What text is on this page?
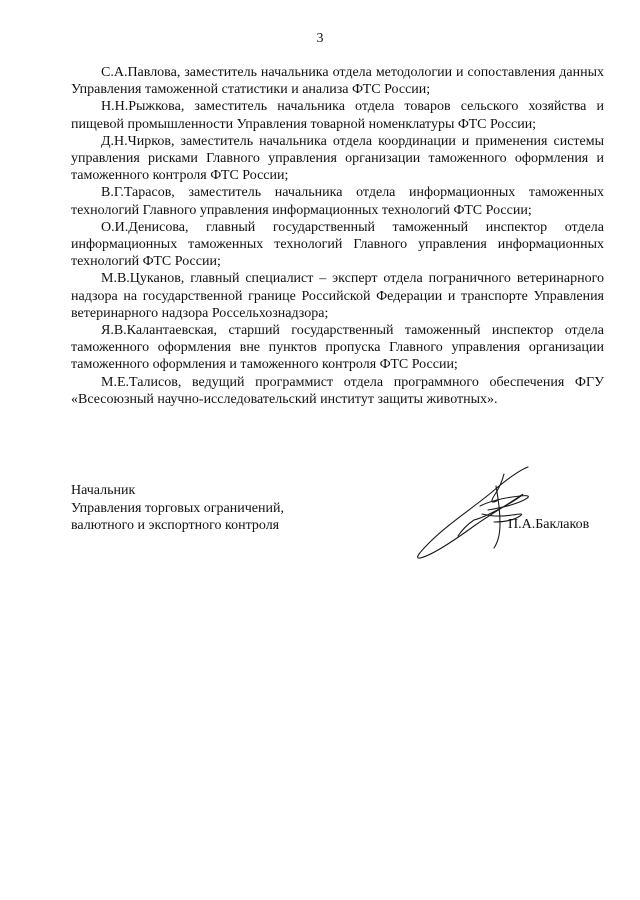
3

С.А.Павлова, заместитель начальника отдела методологии и сопоставления данных Управления таможенной статистики и анализа ФТС России;

Н.Н.Рыжкова, заместитель начальника отдела товаров сельского хозяйства и пищевой промышленности Управления товарной номенклатуры ФТС России;

Д.Н.Чирков, заместитель начальника отдела координации и применения системы управления рисками Главного управления организации таможенного оформления и таможенного контроля ФТС России;

В.Г.Тарасов, заместитель начальника отдела информационных таможенных технологий Главного управления информационных технологий ФТС России;

О.И.Денисова, главный государственный таможенный инспектор отдела информационных таможенных технологий Главного управления информационных технологий ФТС России;

М.В.Цуканов, главный специалист – эксперт отдела пограничного ветеринарного надзора на государственной границе Российской Федерации и транспорте Управления ветеринарного надзора Россельхознадзора;

Я.В.Калантаевская, старший государственный таможенный инспектор отдела таможенного оформления вне пунктов пропуска Главного управления организации таможенного оформления и таможенного контроля ФТС России;

М.Е.Талисов, ведущий программист отдела программного обеспечения ФГУ «Всесоюзный научно-исследовательский институт защиты животных».

Начальник
Управления торговых ограничений,
валютного и экспортного контроля	П.А.Баклаков
